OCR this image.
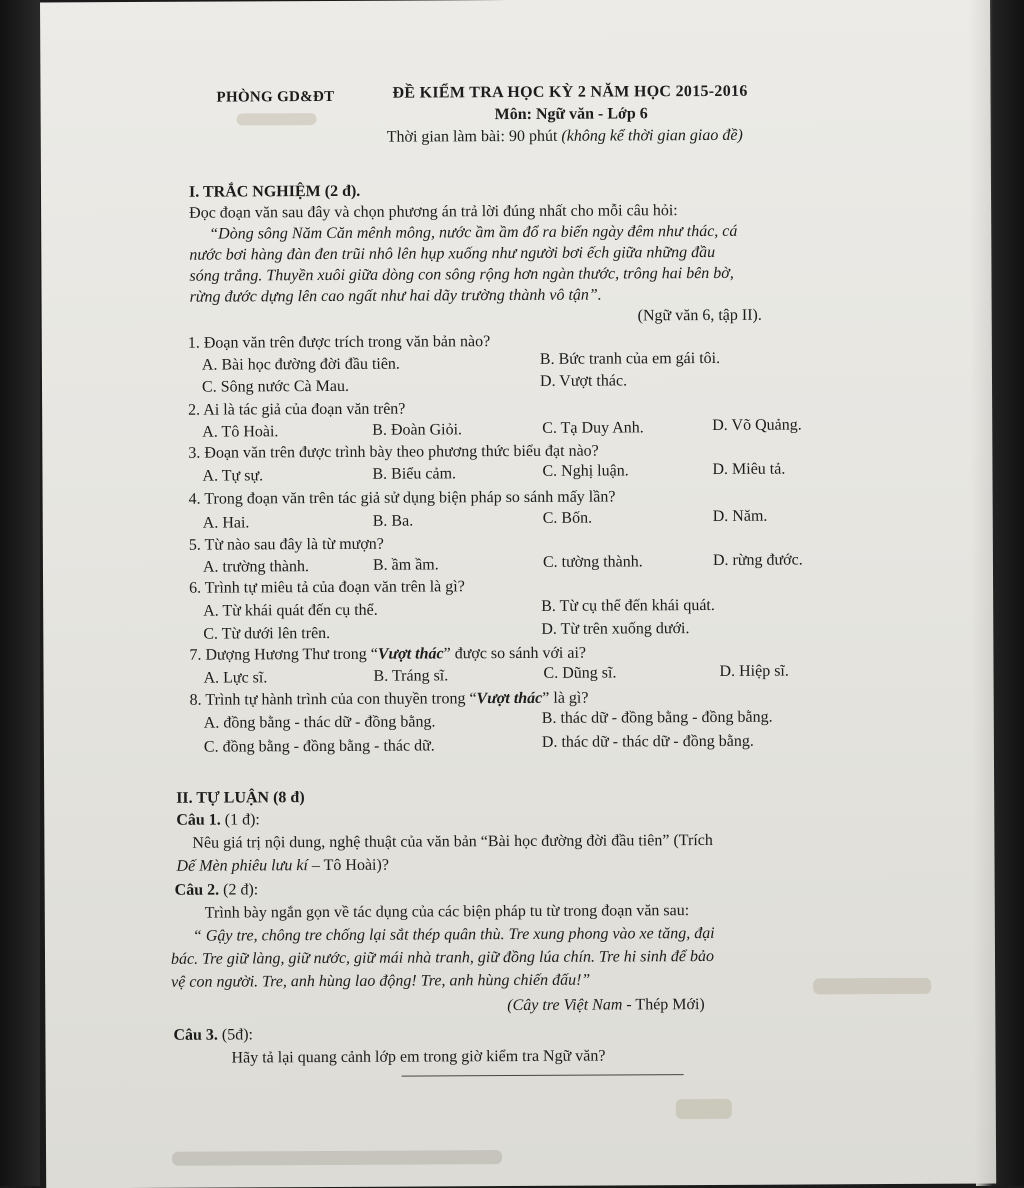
PHÒNG GD&ĐT	ĐỀ KIỂM TRA HỌC KỲ 2 NĂM HỌC 2015-2016
Môn: Ngữ văn - Lớp 6
Thời gian làm bài: 90 phút (không kể thời gian giao đề)
I. TRẮC NGHIỆM (2 đ).
Đọc đoạn văn sau đây và chọn phương án trả lời đúng nhất cho mỗi câu hỏi:
“Dòng sông Năm Căn mênh mông, nước ầm ầm đổ ra biển ngày đêm như thác, cá
nước bơi hàng đàn đen trũi nhô lên hụp xuống như người bơi ếch giữa những đầu
sóng trắng. Thuyền xuôi giữa dòng con sông rộng hơn ngàn thước, trông hai bên bờ,
rừng đước dựng lên cao ngất như hai dãy trường thành vô tận”.
(Ngữ văn 6, tập II).
1. Đoạn văn trên được trích trong văn bản nào?
A. Bài học đường đời đầu tiên.	B. Bức tranh của em gái tôi.
C. Sông nước Cà Mau.	D. Vượt thác.
2. Ai là tác giả của đoạn văn trên?
A. Tô Hoài.	B. Đoàn Giỏi.	C. Tạ Duy Anh.	D. Võ Quảng.
3. Đoạn văn trên được trình bày theo phương thức biểu đạt nào?
A. Tự sự.	B. Biểu cảm.	C. Nghị luận.	D. Miêu tả.
4. Trong đoạn văn trên tác giả sử dụng biện pháp so sánh mấy lần?
A. Hai.	B. Ba.	C. Bốn.	D. Năm.
5. Từ nào sau đây là từ mượn?
A. trường thành.	B. ầm ầm.	C. tường thành.	D. rừng đước.
6. Trình tự miêu tả của đoạn văn trên là gì?
A. Từ khái quát đến cụ thể.	B. Từ cụ thể đến khái quát.
C. Từ dưới lên trên.	D. Từ trên xuống dưới.
7. Dượng Hương Thư trong “Vượt thác” được so sánh với ai?
A. Lực sĩ.	B. Tráng sĩ.	C. Dũng sĩ.	D. Hiệp sĩ.
8. Trình tự hành trình của con thuyền trong “Vượt thác” là gì?
A. đồng bằng - thác dữ - đồng bằng.	B. thác dữ - đồng bằng - đồng bằng.
C. đồng bằng - đồng bằng - thác dữ.	D. thác dữ - thác dữ - đồng bằng.
II. TỰ LUẬN (8 đ)
Câu 1. (1 đ):
Nêu giá trị nội dung, nghệ thuật của văn bản “Bài học đường đời đầu tiên” (Trích
Dế Mèn phiêu lưu kí – Tô Hoài)?
Câu 2. (2 đ):
Trình bày ngắn gọn về tác dụng của các biện pháp tu từ trong đoạn văn sau:
“ Gậy tre, chông tre chống lại sắt thép quân thù. Tre xung phong vào xe tăng, đại
bác. Tre giữ làng, giữ nước, giữ mái nhà tranh, giữ đồng lúa chín. Tre hi sinh để bảo
vệ con người. Tre, anh hùng lao động! Tre, anh hùng chiến đấu!”
(Cây tre Việt Nam - Thép Mới)
Câu 3. (5đ):
Hãy tả lại quang cảnh lớp em trong giờ kiểm tra Ngữ văn?
